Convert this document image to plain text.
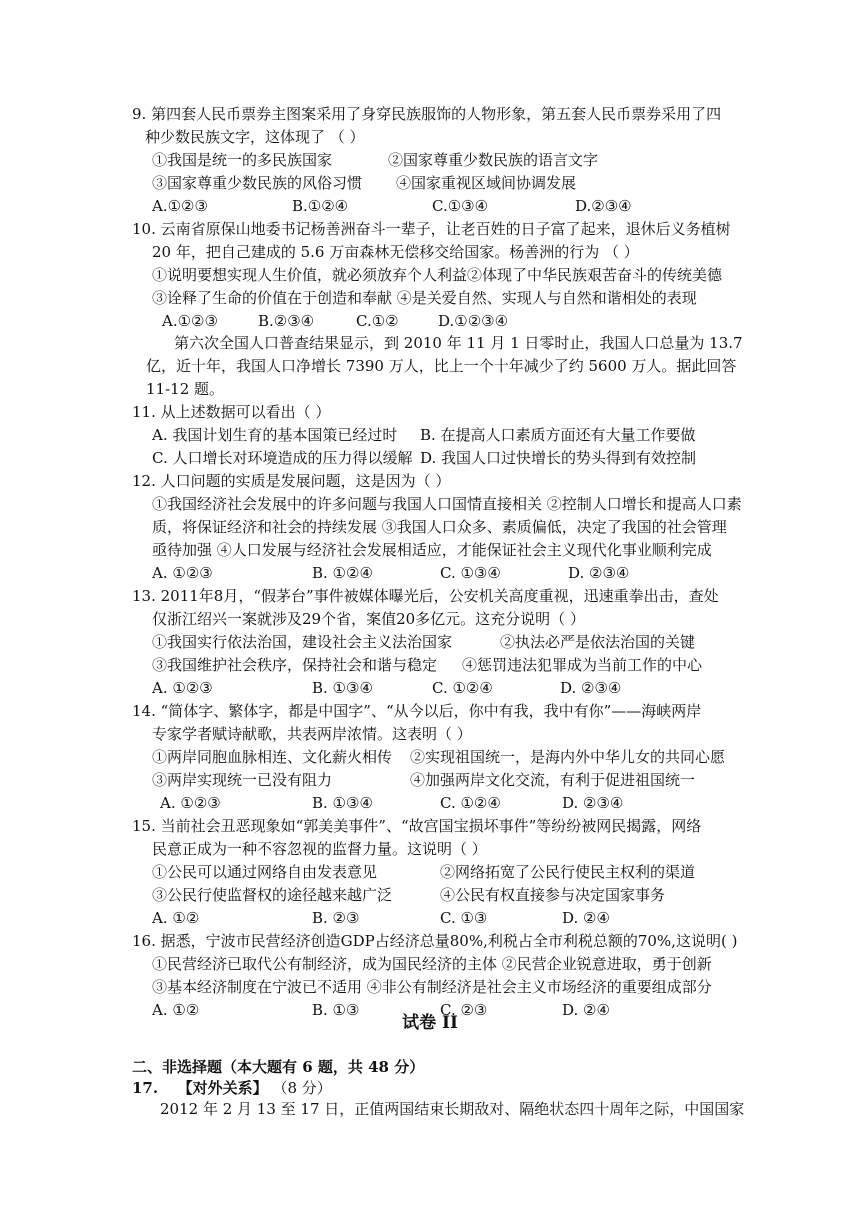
9. 第四套人民币票券主图案采用了身穿民族服饰的人物形象，第五套人民币票券采用了四
种少数民族文字，这体现了 （ ）
①我国是统一的多民族国家	②国家尊重少数民族的语言文字
③国家尊重少数民族的风俗习惯 ④国家重视区域间协调发展
A.①②③	B.①②④	C.①③④	D.②③④
10. 云南省原保山地委书记杨善洲奋斗一辈子，让老百姓的日子富了起来，退休后义务植树
20 年，把自己建成的 5.6 万亩森林无偿移交给国家。杨善洲的行为 （ ）
①说明要想实现人生价值，就必须放弃个人利益②体现了中华民族艰苦奋斗的传统美德
③诠释了生命的价值在于创造和奉献 ④是关爱自然、实现人与自然和谐相处的表现
A.①②③	B.②③④	C.①②	D.①②③④
第六次全国人口普查结果显示，到 2010 年 11 月 1 日零时止，我国人口总量为 13.7
亿，近十年，我国人口净增长 7390 万人，比上一个十年减少了约 5600 万人。据此回答
11-12 题。
11. 从上述数据可以看出（ ）
A. 我国计划生育的基本国策已经过时 B. 在提高人口素质方面还有大量工作要做
C. 人口增长对环境造成的压力得以缓解 D. 我国人口过快增长的势头得到有效控制
12. 人口问题的实质是发展问题，这是因为（ ）
①我国经济社会发展中的许多问题与我国人口国情直接相关 ②控制人口增长和提高人口素
质，将保证经济和社会的持续发展 ③我国人口众多、素质偏低，决定了我国的社会管理
亟待加强 ④人口发展与经济社会发展相适应，才能保证社会主义现代化事业顺利完成
A. ①②③	B. ①②④	C. ①③④	D. ②③④
13. 2011年8月，“假茅台”事件被媒体曝光后，公安机关高度重视，迅速重拳出击，查处
仅浙江绍兴一案就涉及29个省，案值20多亿元。这充分说明（ ）
①我国实行依法治国，建设社会主义法治国家	②执法必严是依法治国的关键
③我国维护社会秩序，保持社会和谐与稳定 ④惩罚违法犯罪成为当前工作的中心
A. ①②③	B. ①③④	C. ①②④	D. ②③④
14. “简体字、繁体字，都是中国字”、“从今以后，你中有我，我中有你”——海峡两岸
专家学者赋诗献歌，共表两岸浓情。这表明（ ）
①两岸同胞血脉相连、文化薪火相传 ②实现祖国统一，是海内外中华儿女的共同心愿
③两岸实现统一已没有阻力	④加强两岸文化交流，有利于促进祖国统一
A. ①②③	B. ①③④	C. ①②④	D. ②③④
15. 当前社会丑恶现象如“郭美美事件”、“故宫国宝损坏事件”等纷纷被网民揭露，网络
民意正成为一种不容忽视的监督力量。这说明（ ）
①公民可以通过网络自由发表意见	②网络拓宽了公民行使民主权利的渠道
③公民行使监督权的途径越来越广泛	④公民有权直接参与决定国家事务
A. ①②	B. ②③	C. ①③	D. ②④
16. 据悉，宁波市民营经济创造GDP占经济总量80%,利税占全市利税总额的70%,这说明( )
①民营经济已取代公有制经济，成为国民经济的主体 ②民营企业锐意进取，勇于创新
③基本经济制度在宁波已不适用 ④非公有制经济是社会主义市场经济的重要组成部分
A. ①②	B. ①③	C. ②③	D. ②④
试卷 II
二、非选择题（本大题有 6 题，共 48 分）
17. 【对外关系】 （8 分）
2012 年 2 月 13 至 17 日，正值两国结束长期敌对、隔绝状态四十周年之际，中国国家
